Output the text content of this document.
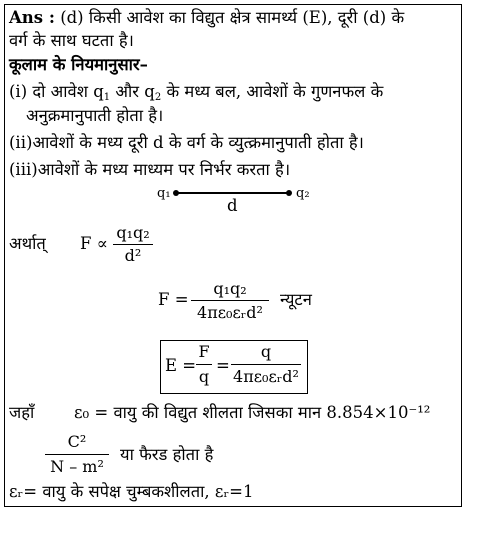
Ans : (d) किसी आवेश का विद्युत क्षेत्र सामर्थ्य (E), दूरी (d) के
वर्ग के साथ घटता है।
कूलाम के नियमानुसार–
(i) दो आवेश $q_1$ और $q_2$ के मध्य बल, आवेशों के गुणनफल के
अनुक्रमानुपाती होता है।
(ii)आवेशों के मध्य दूरी d के वर्ग के व्युत्क्रमानुपाती होता है।
(iii)आवेशों के मध्य माध्यम पर निर्भर करता है।
q₁	q₂
d
अर्थात् F ∝
q₁q₂
d²
F =
q₁q₂
4πε₀εᵣd²
न्यूटन
E =
F
q
=
q
4πε₀εᵣd²
जहाँ ε₀ = वायु की विद्युत शीलता जिसका मान 8.854×10⁻¹²
C²
N – m²
या फैरड होता है
εᵣ= वायु के सपेक्ष चुम्बकशीलता, εᵣ=1
